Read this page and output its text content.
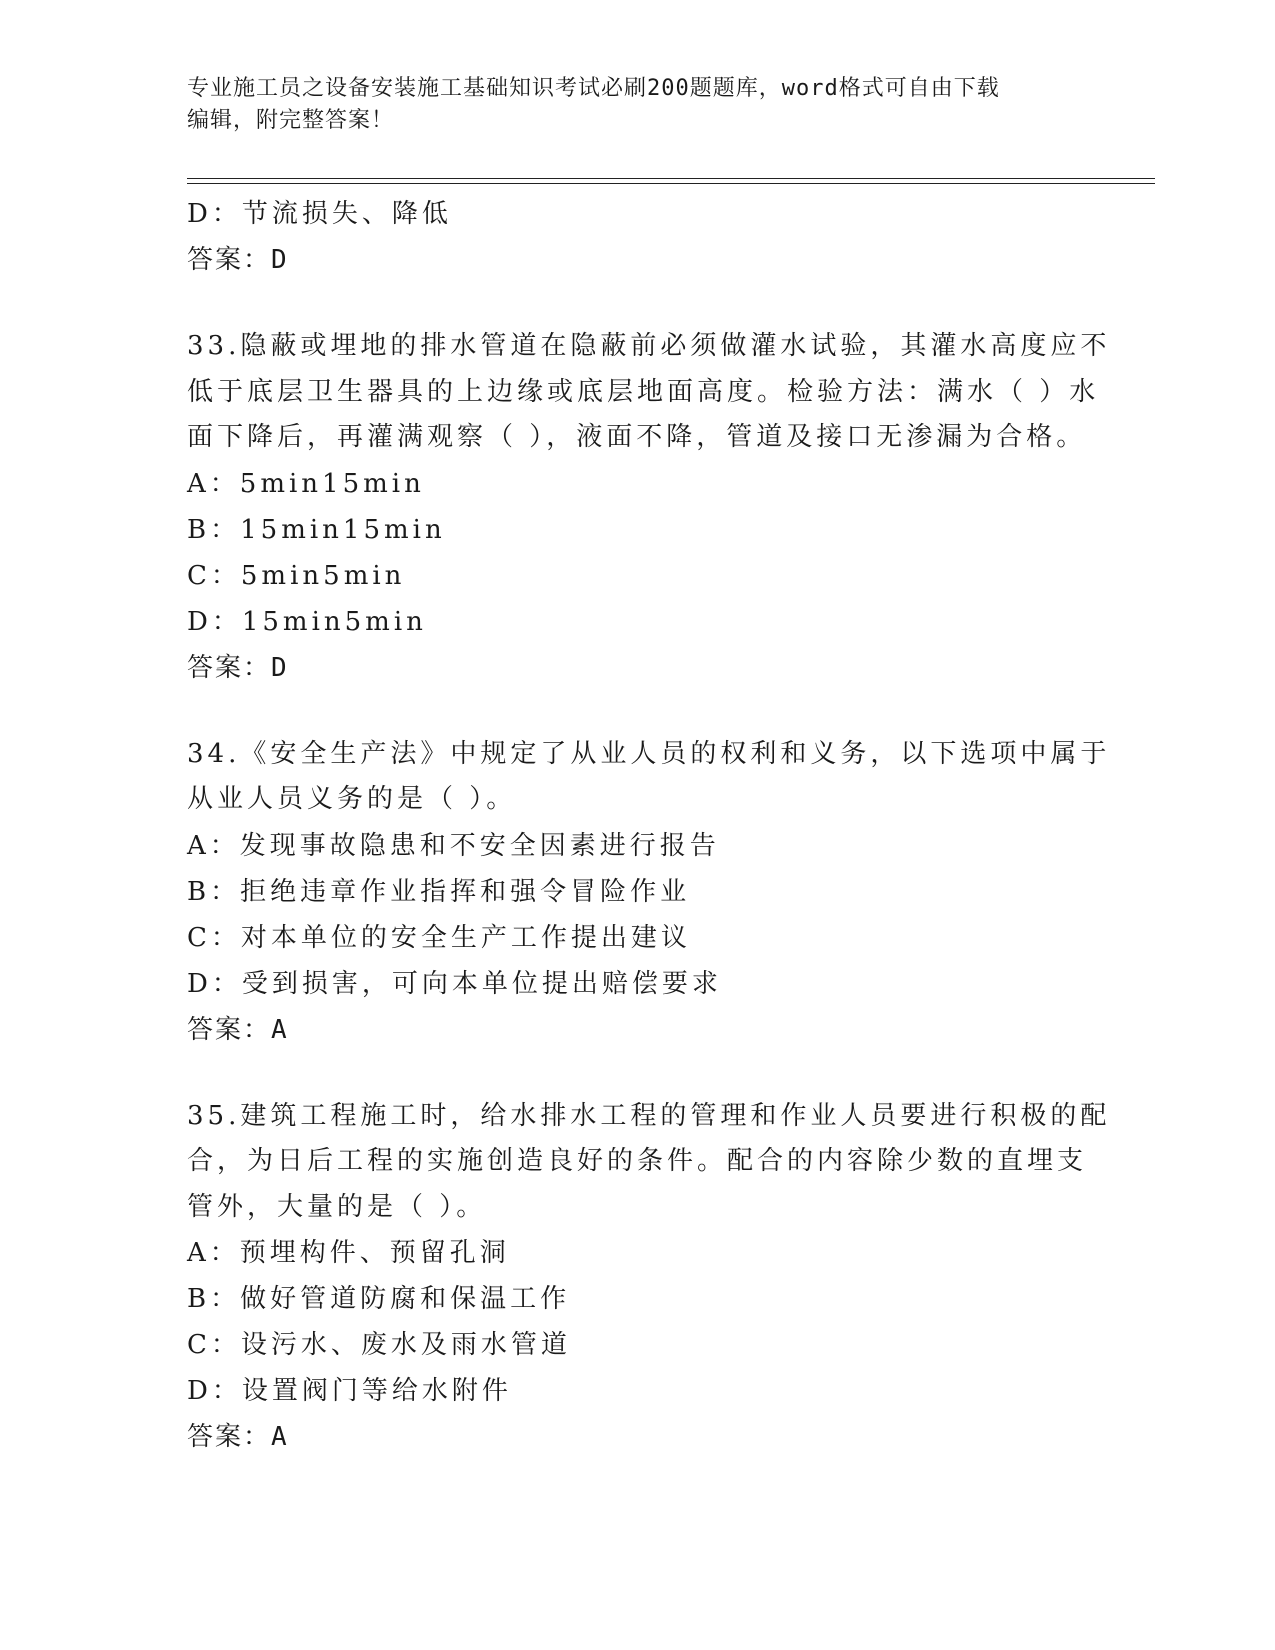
专业施工员之设备安装施工基础知识考试必刷200题题库，word格式可自由下载
编辑，附完整答案！
D：节流损失、降低
答案：D
33.隐蔽或埋地的排水管道在隐蔽前必须做灌水试验，其灌水高度应不
低于底层卫生器具的上边缘或底层地面高度。检验方法：满水（ ）水
面下降后，再灌满观察（ ），液面不降，管道及接口无渗漏为合格。
A：5min15min
B：15min15min
C：5min5min
D：15min5min
答案：D
34.《安全生产法》中规定了从业人员的权利和义务，以下选项中属于
从业人员义务的是（ ）。
A：发现事故隐患和不安全因素进行报告
B：拒绝违章作业指挥和强令冒险作业
C：对本单位的安全生产工作提出建议
D：受到损害，可向本单位提出赔偿要求
答案：A
35.建筑工程施工时，给水排水工程的管理和作业人员要进行积极的配
合，为日后工程的实施创造良好的条件。配合的内容除少数的直埋支
管外，大量的是（ ）。
A：预埋构件、预留孔洞
B：做好管道防腐和保温工作
C：设污水、废水及雨水管道
D：设置阀门等给水附件
答案：A
